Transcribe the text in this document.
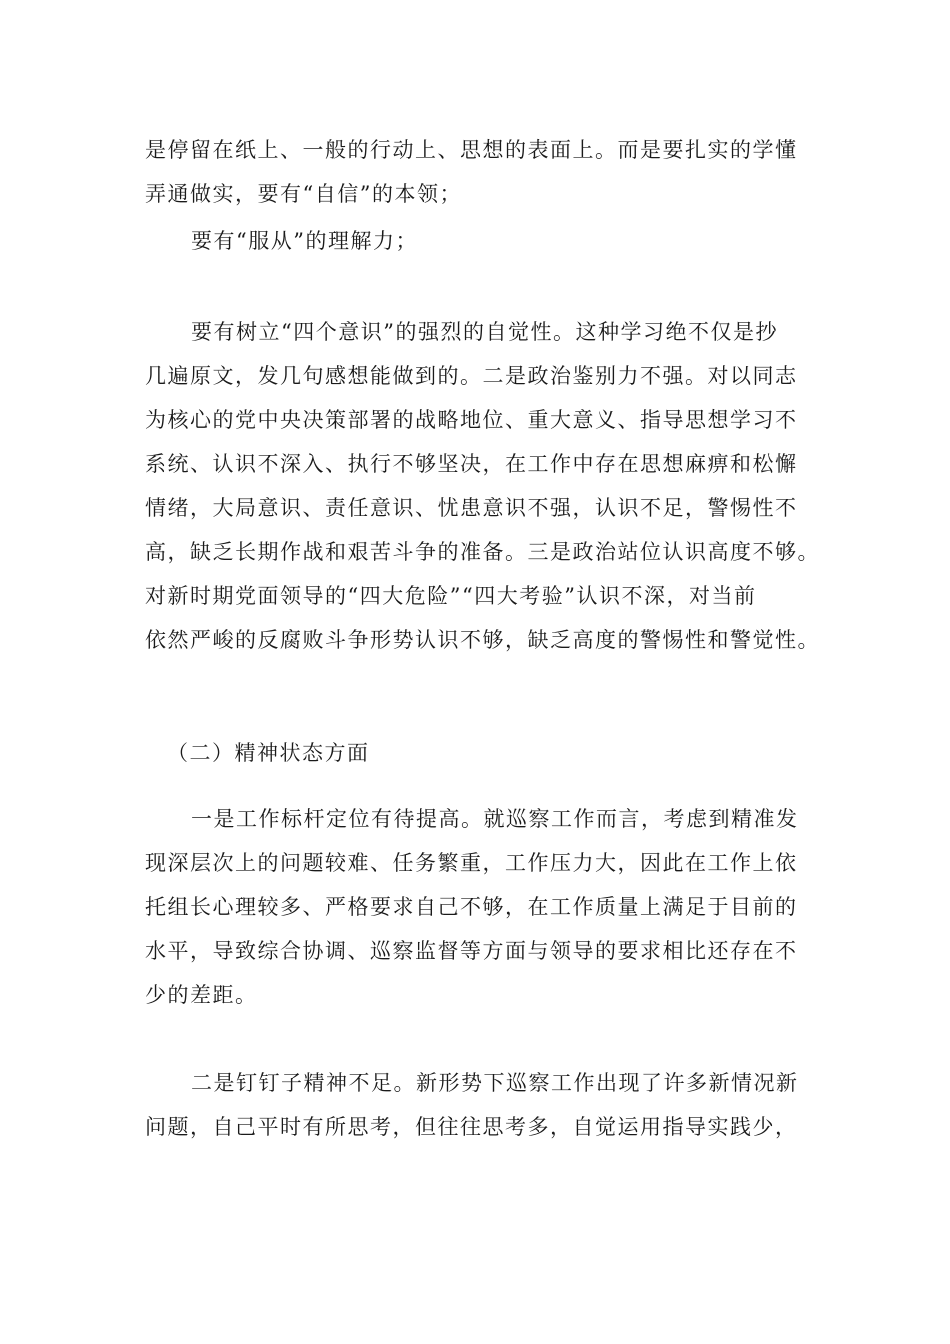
是停留在纸上、一般的行动上、思想的表面上。而是要扎实的学懂
弄通做实，要有“自信”的本领；
要有“服从”的理解力；
要有树立“四个意识”的强烈的自觉性。这种学习绝不仅是抄
几遍原文，发几句感想能做到的。二是政治鉴别力不强。对以同志
为核心的党中央决策部署的战略地位、重大意义、指导思想学习不
系统、认识不深入、执行不够坚决，在工作中存在思想麻痹和松懈
情绪，大局意识、责任意识、忧患意识不强，认识不足，警惕性不
高，缺乏长期作战和艰苦斗争的准备。三是政治站位认识高度不够。
对新时期党面领导的“四大危险”“四大考验”认识不深，对当前
依然严峻的反腐败斗争形势认识不够，缺乏高度的警惕性和警觉性。
（二）精神状态方面
一是工作标杆定位有待提高。就巡察工作而言，考虑到精准发
现深层次上的问题较难、任务繁重，工作压力大，因此在工作上依
托组长心理较多、严格要求自己不够，在工作质量上满足于目前的
水平，导致综合协调、巡察监督等方面与领导的要求相比还存在不
少的差距。
二是钉钉子精神不足。新形势下巡察工作出现了许多新情况新
问题，自己平时有所思考，但往往思考多，自觉运用指导实践少，
